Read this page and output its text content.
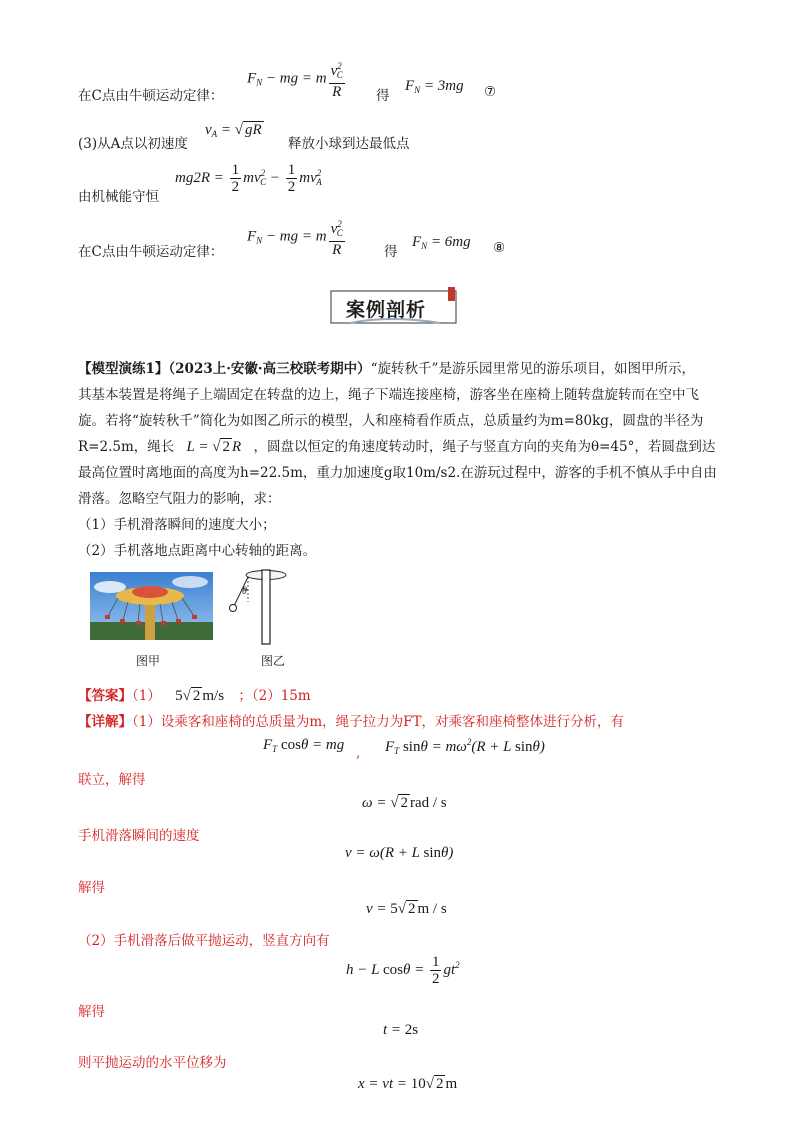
在C点由牛顿运动定律：
$F_N$ − mg = m $\frac{v^2_C}{R}$ 得
$F_N = 3mg$ ⑦
(3)从A点以初速度
$v_A$ = √ gR
释放小球到达最低点
$mg2R = \frac{1}{2} mv^2_C - \frac{1}{2} mv^2_A$
由机械能守恒
在C点由牛顿运动定律：
$F_N$ − mg = m $\frac{v^2_C}{R}$	得
$F_N = 6mg$ ⑧
案例剖析
【模型演练1】（2023上·安徽·高三校联考期中）“旋转秋千”是游乐园里常见的游乐项目，如图甲所示，
其基本装置是将绳子上端固定在转盘的边上，绳子下端连接座椅，游客坐在座椅上随转盘旋转而在空中飞
旋。若将“旋转秋千”简化为如图乙所示的模型，人和座椅看作质点，总质量约为m=80kg，圆盘的半径为
R=2.5m，绳长 L = √ 2 R ，圆盘以恒定的角速度转动时，绳子与竖直方向的夹角为θ=45°，若圆盘到达
最高位置时离地面的高度为h=22.5m，重力加速度g取10m/s2.在游玩过程中，游客的手机不慎从手中自由
滑落。忽略空气阻力的影响，求：
（1）手机滑落瞬间的速度大小；
（2）手机落地点距离中心转轴的距离。
θ
图甲	图乙
【答案】（1） 5√ 2 m/s ；（2）15m
【详解】（1）设乘客和座椅的总质量为m，绳子拉力为FT，对乘客和座椅整体进行分析，有
$F_T$ cosθ = mg , $F_T$ $\sin\theta = m\omega^2(R + L$ sinθ)
联立，解得
ω = √ 2 rad / s
手机滑落瞬间的速度
v = ω(R + L sinθ)
解得
v = 5√ 2 m / s
（2）手机滑落后做平抛运动，竖直方向有
h − L $\cos\theta = \frac{1}{2} gt^2$
解得
t = 2s
则平抛运动的水平位移为
x = vt = 10√ 2 m
